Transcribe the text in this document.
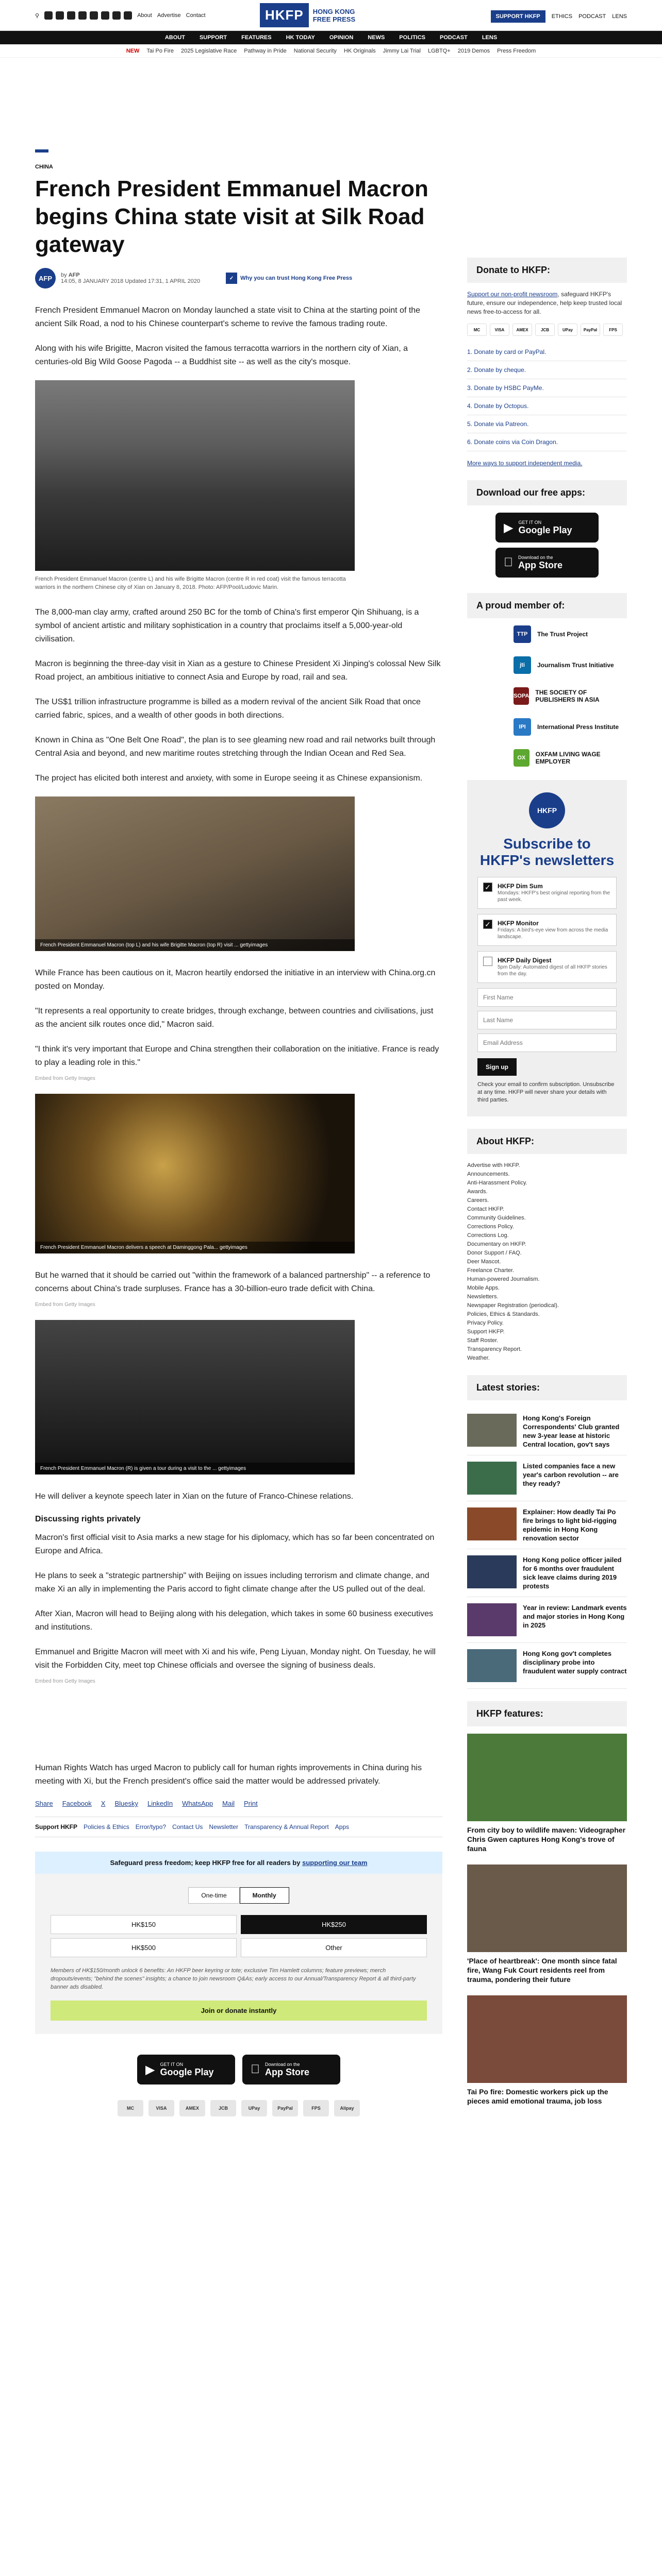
⚲	About Advertise Contact	HKFP	HONG KONG
FREE PRESS	SUPPORT HKFP	ETHICS PODCAST LENS
ABOUT	SUPPORT	FEATURES	HK TODAY	OPINION	NEWS	POLITICS	PODCAST	LENS
NEW Tai Po Fire 2025 Legislative Race Pathway in Pride National Security HK Originals Jimmy Lai Trial LGBTQ+ 2019 Demos Press Freedom
CHINA
French President Emmanuel Macron begins China state visit at Silk Road gateway
AFP	by AFP
14:05, 8 JANUARY 2018 Updated 17:31, 1 APRIL 2020	✓	Why you can trust Hong Kong Free Press

French President Emmanuel Macron on Monday launched a state visit to China at the starting point of the ancient Silk Road, a nod to his Chinese counterpart's scheme to revive the famous trading route.

Along with his wife Brigitte, Macron visited the famous terracotta warriors in the northern city of Xian, a centuries-old Big Wild Goose Pagoda -- a Buddhist site -- as well as the city's mosque.

French President Emmanuel Macron (centre L) and his wife Brigitte Macron (centre R in red coat) visit the famous terracotta warriors in the northern Chinese city of Xian on January 8, 2018. Photo: AFP/Pool/Ludovic Marin.

The 8,000-man clay army, crafted around 250 BC for the tomb of China's first emperor Qin Shihuang, is a symbol of ancient artistic and military sophistication in a country that proclaims itself a 5,000-year-old civilisation.

Macron is beginning the three-day visit in Xian as a gesture to Chinese President Xi Jinping's colossal New Silk Road project, an ambitious initiative to connect Asia and Europe by road, rail and sea.

The US$1 trillion infrastructure programme is billed as a modern revival of the ancient Silk Road that once carried fabric, spices, and a wealth of other goods in both directions.

Known in China as "One Belt One Road", the plan is to see gleaming new road and rail networks built through Central Asia and beyond, and new maritime routes stretching through the Indian Ocean and Red Sea.

The project has elicited both interest and anxiety, with some in Europe seeing it as Chinese expansionism.

French President Emmanuel Macron (top L) and his wife Brigitte Macron (top R) visit ... gettyimages

While France has been cautious on it, Macron heartily endorsed the initiative in an interview with China.org.cn posted on Monday.

"It represents a real opportunity to create bridges, through exchange, between countries and civilisations, just as the ancient silk routes once did," Macron said.

"I think it's very important that Europe and China strengthen their collaboration on the initiative. France is ready to play a leading role in this."

Embed from Getty Images
French President Emmanuel Macron delivers a speech at Daminggong Pala... gettyimages

But he warned that it should be carried out "within the framework of a balanced partnership" -- a reference to concerns about China's trade surpluses. France has a 30-billion-euro trade deficit with China.

Embed from Getty Images
French President Emmanuel Macron (R) is given a tour during a visit to the ... gettyimages

He will deliver a keynote speech later in Xian on the future of Franco-Chinese relations.

Discussing rights privately

Macron's first official visit to Asia marks a new stage for his diplomacy, which has so far been concentrated on Europe and Africa.

He plans to seek a "strategic partnership" with Beijing on issues including terrorism and climate change, and make Xi an ally in implementing the Paris accord to fight climate change after the US pulled out of the deal.

After Xian, Macron will head to Beijing along with his delegation, which takes in some 60 business executives and institutions.

Emmanuel and Brigitte Macron will meet with Xi and his wife, Peng Liyuan, Monday night. On Tuesday, he will visit the Forbidden City, meet top Chinese officials and oversee the signing of business deals.

Embed from Getty Images

Human Rights Watch has urged Macron to publicly call for human rights improvements in China during his meeting with Xi, but the French president's office said the matter would be addressed privately.

Share Facebook X Bluesky LinkedIn WhatsApp Mail Print
Support HKFP Policies & Ethics Error/typo? Contact Us Newsletter Transparency & Annual Report Apps
Safeguard press freedom; keep HKFP free for all readers by supporting our team
One-time	Monthly
HK$150	HK$250
HK$500	Other
Members of HK$150/month unlock 6 benefits: An HKFP beer keyring or tote; exclusive Tim Hamlett columns; feature previews; merch dropouts/events; "behind the scenes" insights; a chance to join newsroom Q&As; early access to our Annual/Transparency Report & all third-party banner ads disabled.
Join or donate instantly
▶ GET IT ON
Google Play
Download on the
App Store
MC	VISA	AMEX	JCB	UPay	PayPal	FPS	Alipay
Donate to HKFP:
Support our non-profit newsroom, safeguard HKFP's future, ensure our independence, help keep trusted local news free-to-access for all.
MC	VISA	AMEX	JCB	UPay	PayPal	FPS
1. Donate by card or PayPal.
2. Donate by cheque.
3. Donate by HSBC PayMe.
4. Donate by Octopus.
5. Donate via Patreon.
6. Donate coins via Coin Dragon.
More ways to support independent media.
Download our free apps:
▶ GET IT ON
Google Play
Download on the
App Store
A proud member of:
TTP	The Trust Project
jti	Journalism Trust Initiative
SOPA THE SOCIETY OF PUBLISHERS IN ASIA
IPI	International Press Institute
OX	OXFAM LIVING WAGE EMPLOYER
HKFP
Subscribe to HKFP's newsletters
✓ HKFP Dim Sum
Mondays: HKFP's best original reporting from the past week.
✓ HKFP Monitor
Fridays: A bird's-eye view from across the media landscape.
HKFP Daily Digest
5pm Daily: Automated digest of all HKFP stories from the day.
First Name Last Name Email Address
Sign up
Check your email to confirm subscription. Unsubscribe at any time. HKFP will never share your details with third parties.
About HKFP:
Advertise with HKFP.
Announcements.
Anti-Harassment Policy.
Awards.
Careers.
Contact HKFP.
Community Guidelines.
Corrections Policy.
Corrections Log.
Documentary on HKFP.
Donor Support / FAQ.
Deer Mascot.
Freelance Charter.
Human-powered Journalism.
Mobile Apps.
Newsletters.
Newspaper Registration (periodical).
Policies, Ethics & Standards.
Privacy Policy.
Support HKFP.
Staff Roster.
Transparency Report.
Weather.
Latest stories:
Hong Kong's Foreign Correspondents' Club granted new 3-year lease at historic Central location, gov't says
Listed companies face a new year's carbon revolution -- are they ready?
Explainer: How deadly Tai Po fire brings to light bid-rigging epidemic in Hong Kong renovation sector
Hong Kong police officer jailed for 6 months over fraudulent sick leave claims during 2019 protests
Year in review: Landmark events and major stories in Hong Kong in 2025
Hong Kong gov't completes disciplinary probe into fraudulent water supply contract
HKFP features:
From city boy to wildlife maven: Videographer Chris Gwen captures Hong Kong's trove of fauna
'Place of heartbreak': One month since fatal fire, Wang Fuk Court residents reel from trauma, pondering their future
Tai Po fire: Domestic workers pick up the pieces amid emotional trauma, job loss
